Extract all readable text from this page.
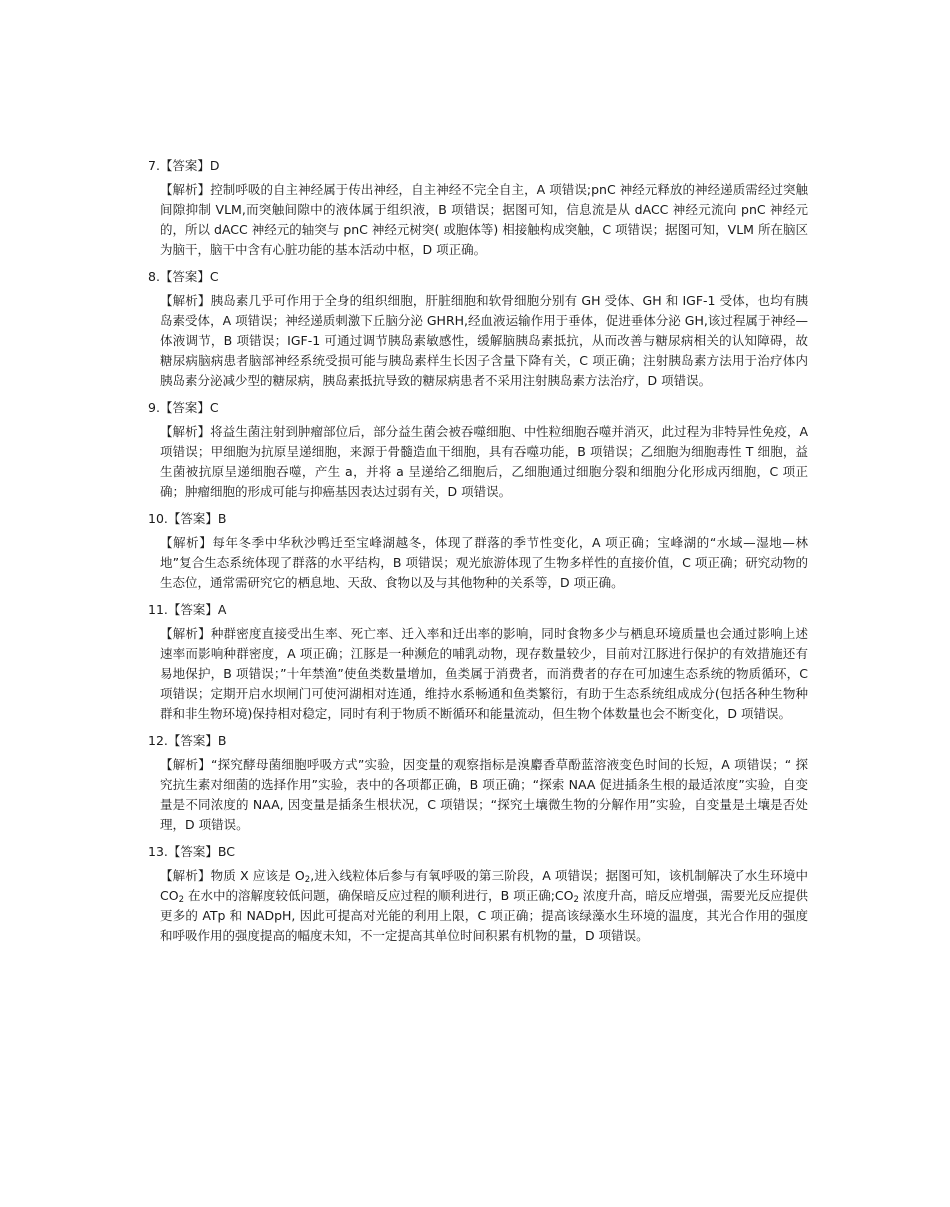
7.【答案】D

【解析】控制呼吸的自主神经属于传出神经，自主神经不完全自主，A 项错误;pnC 神经元释放的神经递质需经过突触间隙抑制 VLM,而突触间隙中的液体属于组织液，B 项错误；据图可知，信息流是从 dACC 神经元流向 pnC 神经元的，所以 dACC 神经元的轴突与 pnC 神经元树突( 或胞体等) 相接触构成突触，C 项错误；据图可知，VLM 所在脑区为脑干，脑干中含有心脏功能的基本活动中枢，D 项正确。

8.【答案】C

【解析】胰岛素几乎可作用于全身的组织细胞，肝脏细胞和软骨细胞分别有 GH 受体、GH 和 IGF-1 受体，也均有胰岛素受体，A 项错误；神经递质刺激下丘脑分泌 GHRH,经血液运输作用于垂体，促进垂体分泌 GH,该过程属于神经—体液调节，B 项错误；IGF-1 可通过调节胰岛素敏感性，缓解脑胰岛素抵抗，从而改善与糖尿病相关的认知障碍，故糖尿病脑病患者脑部神经系统受损可能与胰岛素样生长因子含量下降有关，C 项正确；注射胰岛素方法用于治疗体内胰岛素分泌减少型的糖尿病，胰岛素抵抗导致的糖尿病患者不采用注射胰岛素方法治疗，D 项错误。

9.【答案】C

【解析】将益生菌注射到肿瘤部位后，部分益生菌会被吞噬细胞、中性粒细胞吞噬并消灭，此过程为非特异性免疫，A 项错误；甲细胞为抗原呈递细胞，来源于骨髓造血干细胞，具有吞噬功能，B 项错误；乙细胞为细胞毒性 T 细胞，益生菌被抗原呈递细胞吞噬，产生 a，并将 a 呈递给乙细胞后，乙细胞通过细胞分裂和细胞分化形成丙细胞，C 项正确；肿瘤细胞的形成可能与抑癌基因表达过弱有关，D 项错误。

10.【答案】B

【解析】每年冬季中华秋沙鸭迁至宝峰湖越冬，体现了群落的季节性变化，A 项正确；宝峰湖的“水域—湿地—林地”复合生态系统体现了群落的水平结构，B 项错误；观光旅游体现了生物多样性的直接价值，C 项正确；研究动物的生态位，通常需研究它的栖息地、天敌、食物以及与其他物种的关系等，D 项正确。

11.【答案】A

【解析】种群密度直接受出生率、死亡率、迁入率和迁出率的影响，同时食物多少与栖息环境质量也会通过影响上述速率而影响种群密度，A 项正确；江豚是一种濒危的哺乳动物，现存数量较少，目前对江豚进行保护的有效措施还有易地保护，B 项错误；”十年禁渔”使鱼类数量增加，鱼类属于消费者，而消费者的存在可加速生态系统的物质循环，C 项错误；定期开启水坝闸门可使河湖相对连通，维持水系畅通和鱼类繁衍，有助于生态系统组成成分(包括各种生物种群和非生物环境)保持相对稳定，同时有利于物质不断循环和能量流动，但生物个体数量也会不断变化，D 项错误。

12.【答案】B

【解析】“探究酵母菌细胞呼吸方式”实验，因变量的观察指标是溴麝香草酚蓝溶液变色时间的长短，A 项错误；“ 探究抗生素对细菌的选择作用”实验，表中的各项都正确，B 项正确；“探索 NAA 促进插条生根的最适浓度”实验，自变量是不同浓度的 NAA, 因变量是插条生根状况，C 项错误；“探究土壤微生物的分解作用”实验，自变量是土壤是否处理，D 项错误。

13.【答案】BC

【解析】物质 X 应该是 $O_2$,进入线粒体后参与有氧呼吸的第三阶段，A 项错误；据图可知，该机制解决了水生环境中 $CO_2$ 在水中的溶解度较低问题，确保暗反应过程的顺利进行，B 项正确$;CO_2$ 浓度升高，暗反应增强，需要光反应提供更多的 ATp 和 NADpH, 因此可提高对光能的利用上限，C 项正确；提高该绿藻水生环境的温度，其光合作用的强度和呼吸作用的强度提高的幅度未知，不一定提高其单位时间积累有机物的量，D 项错误。
